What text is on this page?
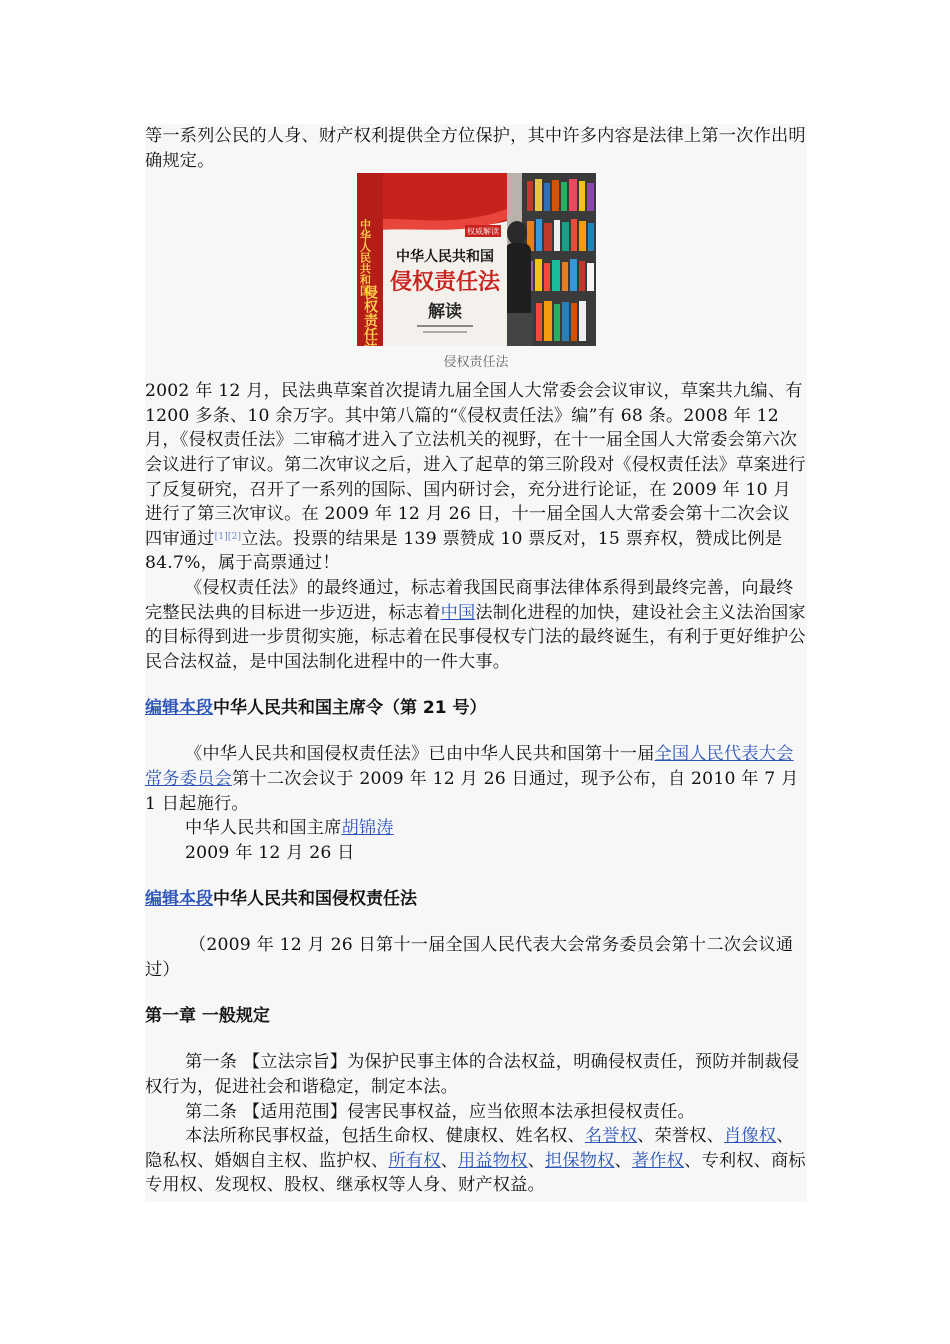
等一系列公民的人身、财产权利提供全方位保护，其中许多内容是法律上第一次作出明确规定。

中华人民共和国
侵权责任法
权威解读
中华人民共和国
侵权责任法
解读
侵权责任法

2002 年 12 月，民法典草案首次提请九届全国人大常委会会议审议，草案共九编、有 1200 多条、10 余万字。其中第八篇的“《侵权责任法》编”有 68 条。2008 年 12 月，《侵权责任法》二审稿才进入了立法机关的视野，在十一届全国人大常委会第六次会议进行了审议。第二次审议之后，进入了起草的第三阶段对《侵权责任法》草案进行了反复研究，召开了一系列的国际、国内研讨会，充分进行论证，在 2009 年 10 月进行了第三次审议。在 2009 年 12 月 26 日，十一届全国人大常委会第十二次会议四审通过[1][2]立法。投票的结果是 139 票赞成 10 票反对，15 票弃权，赞成比例是 84.7%，属于高票通过！

《侵权责任法》的最终通过，标志着我国民商事法律体系得到最终完善，向最终完整民法典的目标进一步迈进，标志着中国法制化进程的加快，建设社会主义法治国家的目标得到进一步贯彻实施，标志着在民事侵权专门法的最终诞生，有利于更好维护公民合法权益，是中国法制化进程中的一件大事。

编辑本段中华人民共和国主席令（第 21 号）

《中华人民共和国侵权责任法》已由中华人民共和国第十一届全国人民代表大会常务委员会第十二次会议于 2009 年 12 月 26 日通过，现予公布，自 2010 年 7 月 1 日起施行。

中华人民共和国主席胡锦涛

2009 年 12 月 26 日

编辑本段中华人民共和国侵权责任法

（2009 年 12 月 26 日第十一届全国人民代表大会常务委员会第十二次会议通过）

第一章 一般规定

第一条 【立法宗旨】为保护民事主体的合法权益，明确侵权责任，预防并制裁侵权行为，促进社会和谐稳定，制定本法。

第二条 【适用范围】侵害民事权益，应当依照本法承担侵权责任。

本法所称民事权益，包括生命权、健康权、姓名权、名誉权、荣誉权、肖像权、隐私权、婚姻自主权、监护权、所有权、用益物权、担保物权、著作权、专利权、商标专用权、发现权、股权、继承权等人身、财产权益。
